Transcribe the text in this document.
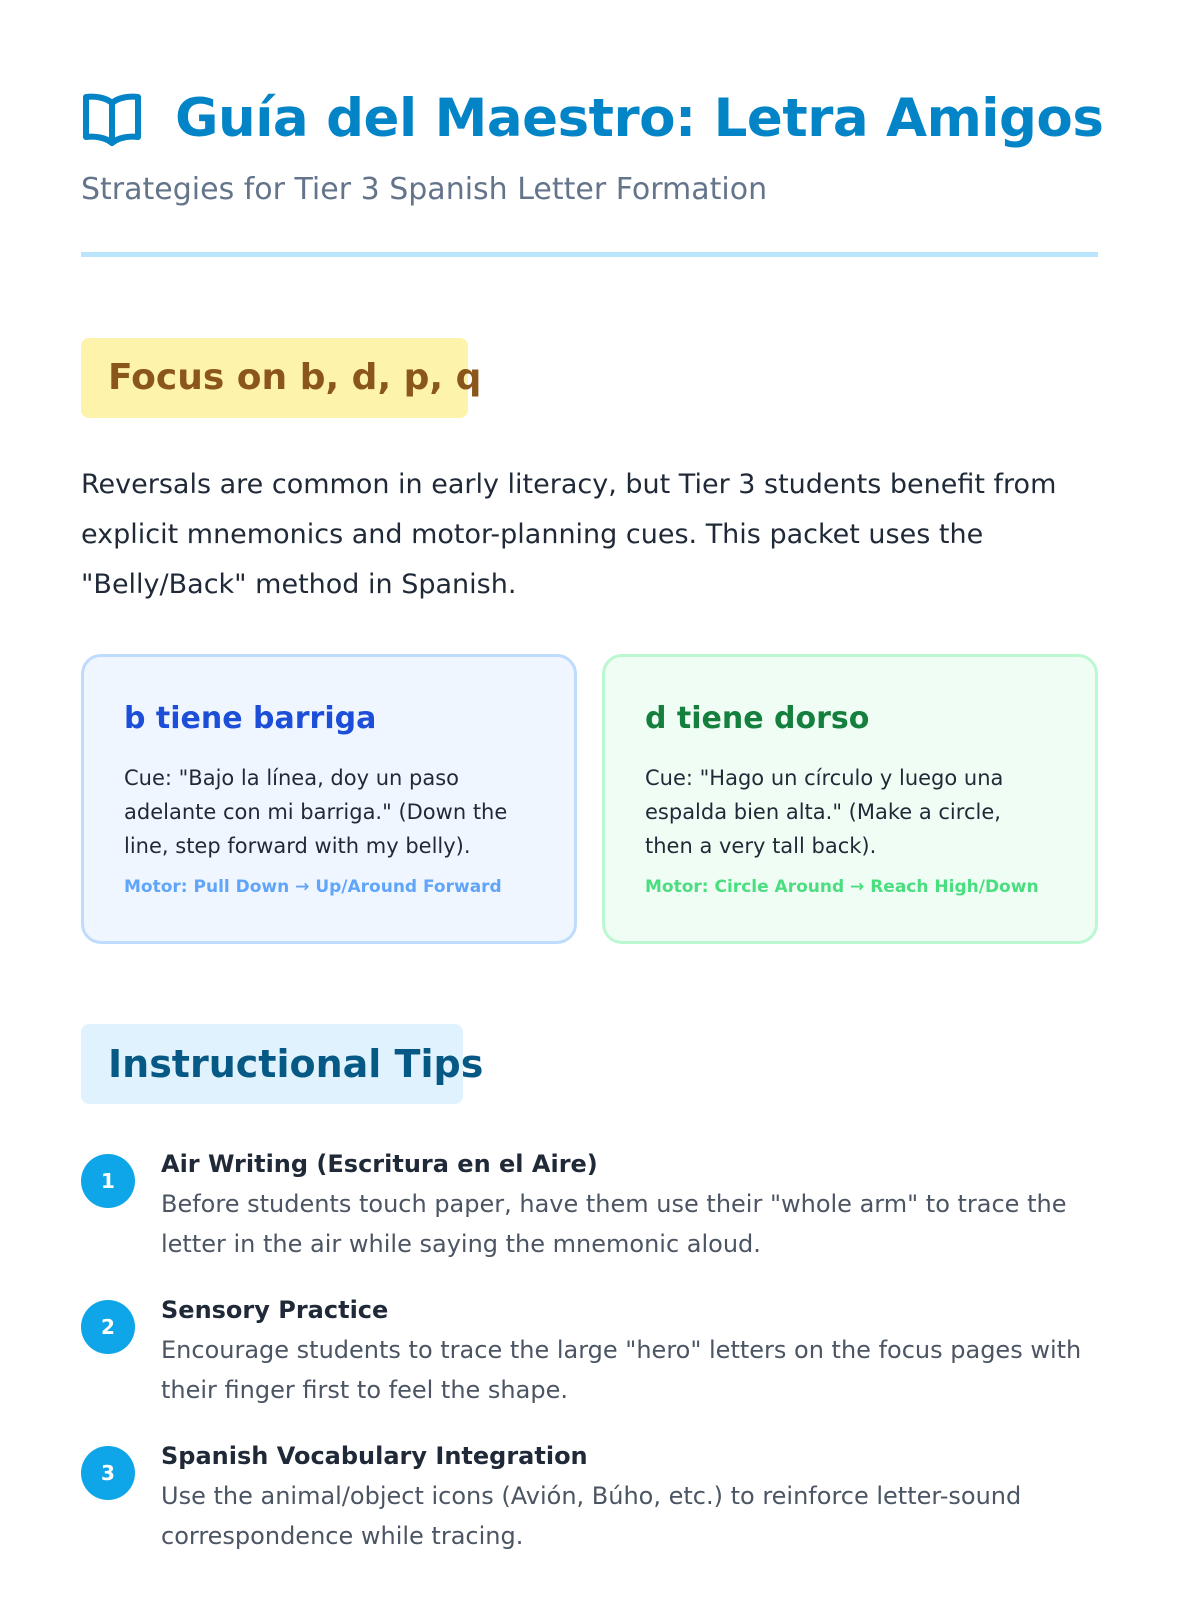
Guía del Maestro: Letra Amigos

Strategies for Tier 3 Spanish Letter Formation

Focus on b, d, p, q

Reversals are common in early literacy, but Tier 3 students benefit from explicit mnemonics and motor-planning cues. This packet uses the "Belly/Back" method in Spanish.

b tiene barriga

Cue: "Bajo la línea, doy un paso adelante con mi barriga." (Down the line, step forward with my belly).

Motor: Pull Down → Up/Around Forward

d tiene dorso

Cue: "Hago un círculo y luego una espalda bien alta." (Make a circle, then a very tall back).

Motor: Circle Around → Reach High/Down

Instructional Tips
1

Air Writing (Escritura en el Aire)

Before students touch paper, have them use their "whole arm" to trace the letter in the air while saying the mnemonic aloud.

2

Sensory Practice

Encourage students to trace the large "hero" letters on the focus pages with their finger first to feel the shape.

3

Spanish Vocabulary Integration

Use the animal/object icons (Avión, Búho, etc.) to reinforce letter-sound correspondence while tracing.
